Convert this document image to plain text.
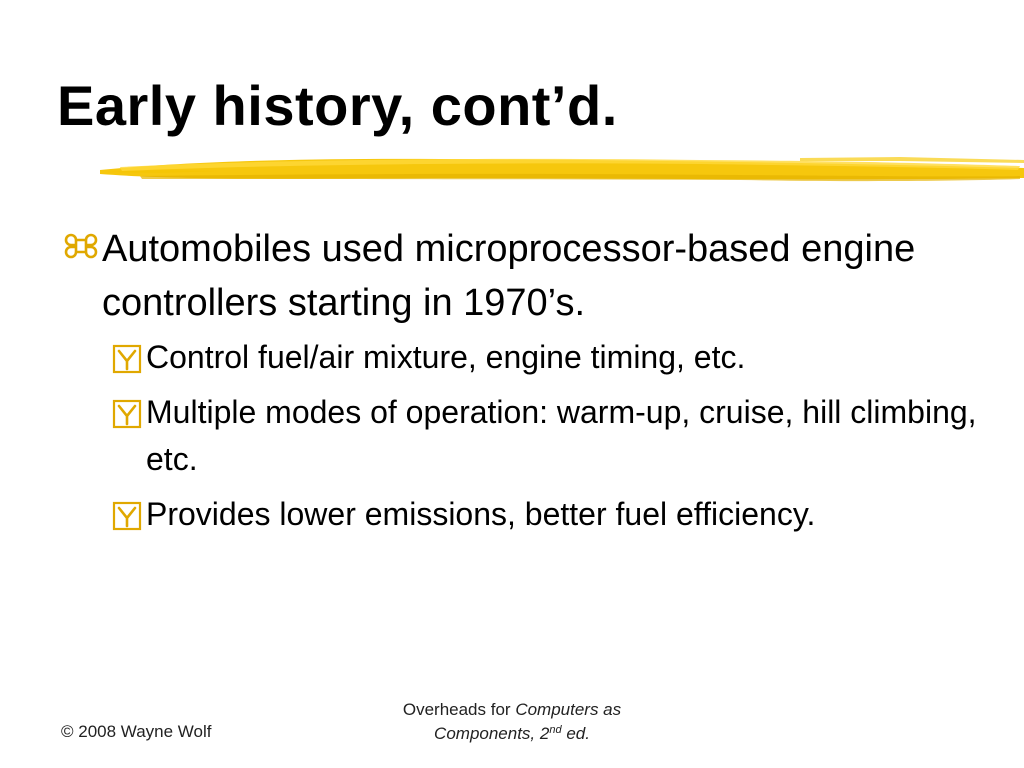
Early history, cont’d.
Automobiles used microprocessor-based engine controllers starting in 1970’s.
Control fuel/air mixture, engine timing, etc.
Multiple modes of operation: warm-up, cruise, hill climbing, etc.
Provides lower emissions, better fuel efficiency.
© 2008 Wayne Wolf
Overheads for Computers as
Components, 2nd ed.
